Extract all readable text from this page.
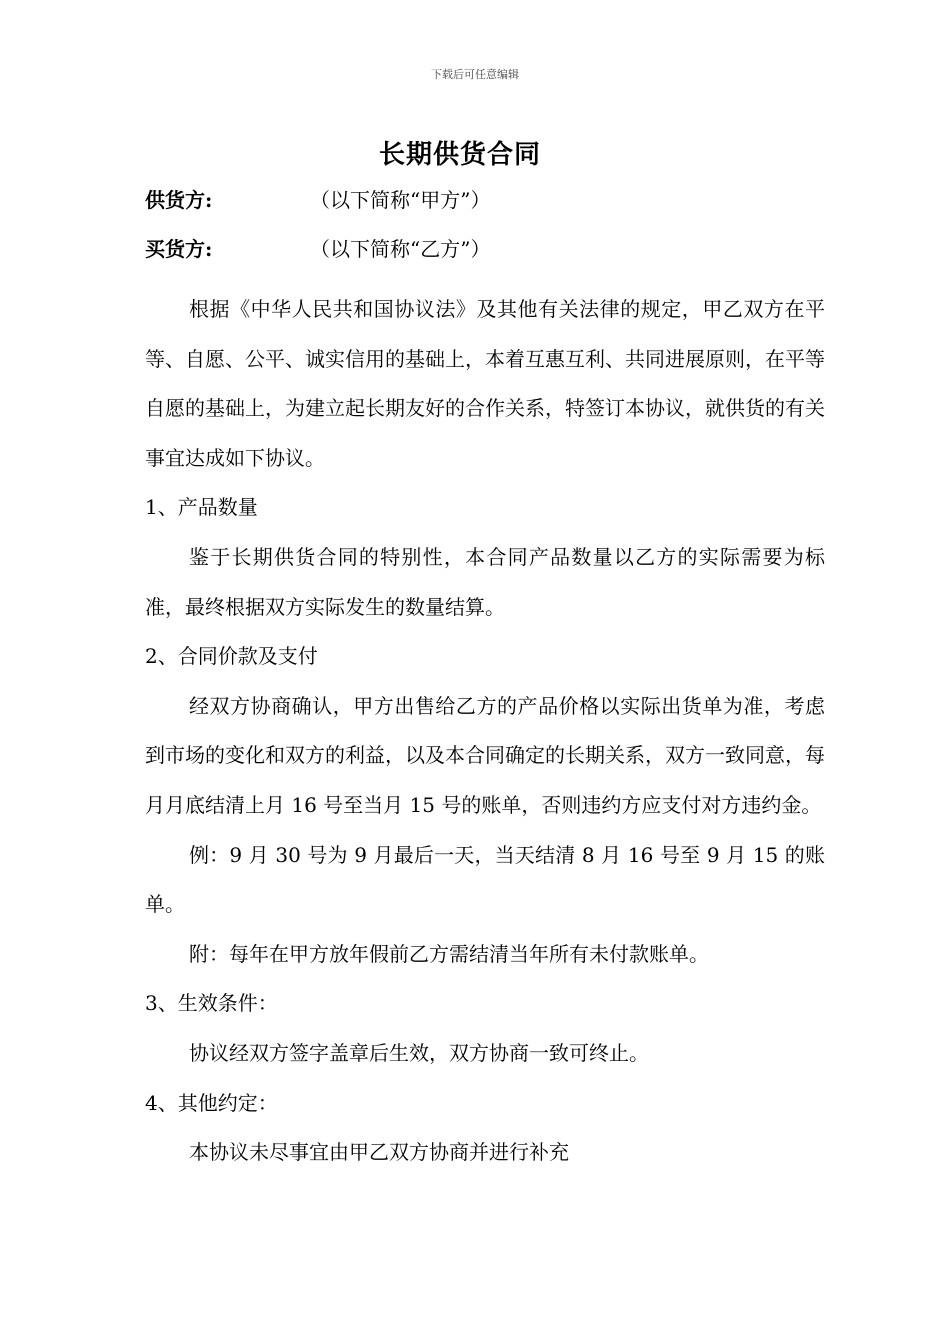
下载后可任意编辑
长期供货合同
供货方:	（以下简称“甲方”）
买货方:	（以下简称“乙方”）

根据《中华人民共和国协议法》及其他有关法律的规定，甲乙双方在平等、自愿、公平、诚实信用的基础上，本着互惠互利、共同进展原则，在平等自愿的基础上，为建立起长期友好的合作关系，特签订本协议，就供货的有关事宜达成如下协议。

1、产品数量

鉴于长期供货合同的特别性，本合同产品数量以乙方的实际需要为标准，最终根据双方实际发生的数量结算。

2、合同价款及支付

经双方协商确认，甲方出售给乙方的产品价格以实际出货单为准，考虑到市场的变化和双方的利益，以及本合同确定的长期关系，双方一致同意，每月月底结清上月 16 号至当月 15 号的账单，否则违约方应支付对方违约金。

例：9 月 30 号为 9 月最后一天，当天结清 8 月 16 号至 9 月 15 的账单。

附：每年在甲方放年假前乙方需结清当年所有未付款账单。

3、生效条件：

协议经双方签字盖章后生效，双方协商一致可终止。

4、其他约定：

本协议未尽事宜由甲乙双方协商并进行补充
